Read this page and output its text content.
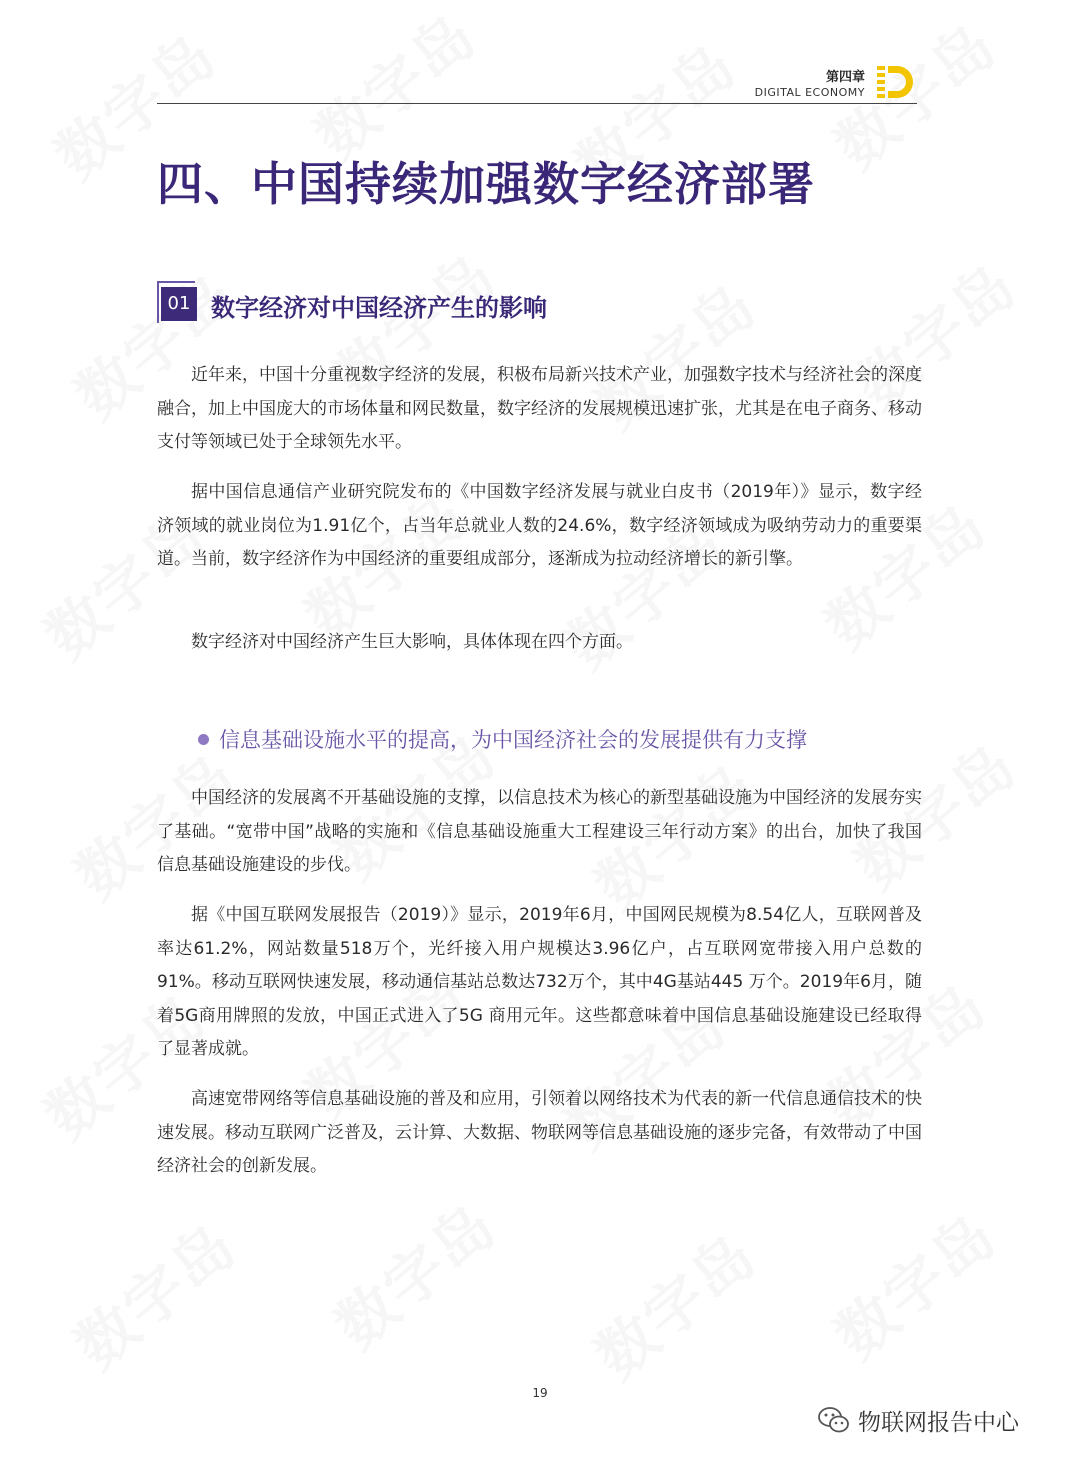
第四章
DIGITAL ECONOMY
四、中国持续加强数字经济部署
01 数字经济对中国经济产生的影响

近年来，中国十分重视数字经济的发展，积极布局新兴技术产业，加强数字技术与经济社会的深度融合，加上中国庞大的市场体量和网民数量，数字经济的发展规模迅速扩张，尤其是在电子商务、移动支付等领域已处于全球领先水平。

据中国信息通信产业研究院发布的《中国数字经济发展与就业白皮书（2019年）》显示，数字经济领域的就业岗位为1.91亿个，占当年总就业人数的24.6%，数字经济领域成为吸纳劳动力的重要渠道。当前，数字经济作为中国经济的重要组成部分，逐渐成为拉动经济增长的新引擎。

数字经济对中国经济产生巨大影响，具体体现在四个方面。

信息基础设施水平的提高，为中国经济社会的发展提供有力支撑

中国经济的发展离不开基础设施的支撑，以信息技术为核心的新型基础设施为中国经济的发展夯实了基础。“宽带中国”战略的实施和《信息基础设施重大工程建设三年行动方案》的出台，加快了我国信息基础设施建设的步伐。

据《中国互联网发展报告（2019）》显示，2019年6月，中国网民规模为8.54亿人，互联网普及率达61.2%，网站数量518万个，光纤接入用户规模达3.96亿户，占互联网宽带接入用户总数的91%。移动互联网快速发展，移动通信基站总数达732万个，其中4G基站445 万个。2019年6月，随着5G商用牌照的发放，中国正式进入了5G 商用元年。这些都意味着中国信息基础设施建设已经取得了显著成就。

高速宽带网络等信息基础设施的普及和应用，引领着以网络技术为代表的新一代信息通信技术的快速发展。移动互联网广泛普及，云计算、大数据、物联网等信息基础设施的逐步完备，有效带动了中国经济社会的创新发展。

19
物联网报告中心
